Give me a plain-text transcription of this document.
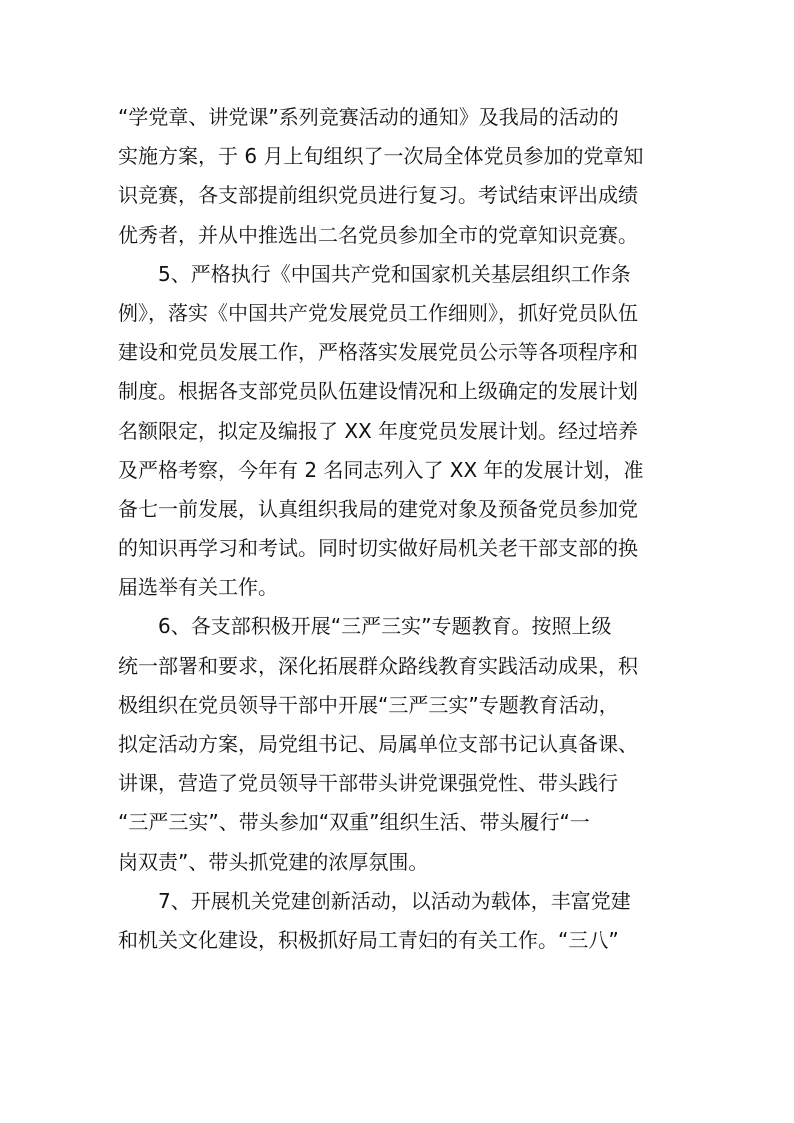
“学党章、讲党课”系列竞赛活动的通知》及我局的活动的
实施方案，于 6 月上旬组织了一次局全体党员参加的党章知
识竞赛，各支部提前组织党员进行复习。考试结束评出成绩
优秀者，并从中推选出二名党员参加全市的党章知识竞赛。
　　5、严格执行《中国共产党和国家机关基层组织工作条
例》，落实《中国共产党发展党员工作细则》，抓好党员队伍
建设和党员发展工作，严格落实发展党员公示等各项程序和
制度。根据各支部党员队伍建设情况和上级确定的发展计划
名额限定，拟定及编报了 XX 年度党员发展计划。经过培养
及严格考察，今年有 2 名同志列入了 XX 年的发展计划，准
备七一前发展，认真组织我局的建党对象及预备党员参加党
的知识再学习和考试。同时切实做好局机关老干部支部的换
届选举有关工作。
　　6、各支部积极开展“三严三实”专题教育。按照上级
统一部署和要求，深化拓展群众路线教育实践活动成果，积
极组织在党员领导干部中开展“三严三实”专题教育活动，
拟定活动方案，局党组书记、局属单位支部书记认真备课、
讲课，营造了党员领导干部带头讲党课强党性、带头践行
“三严三实”、带头参加“双重”组织生活、带头履行“一
岗双责”、带头抓党建的浓厚氛围。
　　7、开展机关党建创新活动，以活动为载体，丰富党建
和机关文化建设，积极抓好局工青妇的有关工作。“三八”
